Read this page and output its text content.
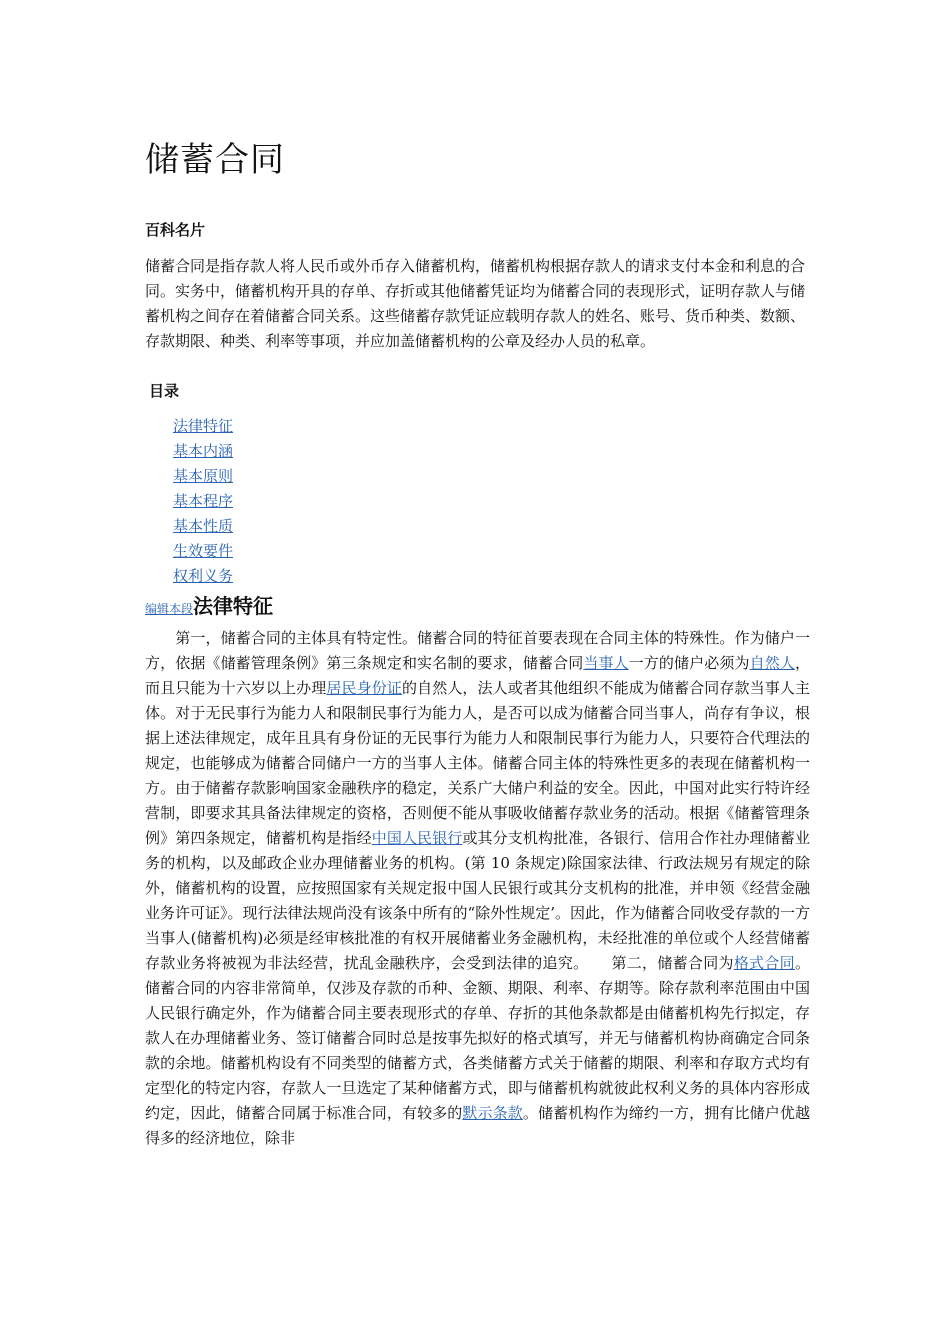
储蓄合同
百科名片

储蓄合同是指存款人将人民币或外币存入储蓄机构，储蓄机构根据存款人的请求支付本金和利息的合同。实务中，储蓄机构开具的存单、存折或其他储蓄凭证均为储蓄合同的表现形式，证明存款人与储蓄机构之间存在着储蓄合同关系。这些储蓄存款凭证应载明存款人的姓名、账号、货币种类、数额、存款期限、种类、利率等事项，并应加盖储蓄机构的公章及经办人员的私章。

目录
法律特征
基本内涵
基本原则
基本程序
基本性质
生效要件
权利义务
编辑本段法律特征

　　第一，储蓄合同的主体具有特定性。储蓄合同的特征首要表现在合同主体的特殊性。作为储户一方，依据《储蓄管理条例》第三条规定和实名制的要求，储蓄合同当事人一方的储户必须为自然人，而且只能为十六岁以上办理居民身份证的自然人，法人或者其他组织不能成为储蓄合同存款当事人主体。对于无民事行为能力人和限制民事行为能力人，是否可以成为储蓄合同当事人，尚存有争议，根据上述法律规定，成年且具有身份证的无民事行为能力人和限制民事行为能力人，只要符合代理法的规定，也能够成为储蓄合同储户一方的当事人主体。储蓄合同主体的特殊性更多的表现在储蓄机构一方。由于储蓄存款影响国家金融秩序的稳定，关系广大储户利益的安全。因此，中国对此实行特许经营制，即要求其具备法律规定的资格，否则便不能从事吸收储蓄存款业务的活动。根据《储蓄管理条例》第四条规定，储蓄机构是指经中国人民银行或其分支机构批准，各银行、信用合作社办理储蓄业务的机构，以及邮政企业办理储蓄业务的机构。(第 10 条规定)除国家法律、行政法规另有规定的除外，储蓄机构的设置，应按照国家有关规定报中国人民银行或其分支机构的批准，并申领《经营金融业务许可证》。现行法律法规尚没有该条中所有的“除外性规定’。因此，作为储蓄合同收受存款的一方当事人(储蓄机构)必须是经审核批准的有权开展储蓄业务金融机构，未经批准的单位或个人经营储蓄存款业务将被视为非法经营，扰乱金融秩序，会受到法律的追究。　　第二，储蓄合同为格式合同。储蓄合同的内容非常简单，仅涉及存款的币种、金额、期限、利率、存期等。除存款利率范围由中国人民银行确定外，作为储蓄合同主要表现形式的存单、存折的其他条款都是由储蓄机构先行拟定，存款人在办理储蓄业务、签订储蓄合同时总是按事先拟好的格式填写，并无与储蓄机构协商确定合同条款的余地。储蓄机构设有不同类型的储蓄方式，各类储蓄方式关于储蓄的期限、利率和存取方式均有定型化的特定内容，存款人一旦选定了某种储蓄方式，即与储蓄机构就彼此权利义务的具体内容形成约定，因此，储蓄合同属于标准合同，有较多的默示条款。储蓄机构作为缔约一方，拥有比储户优越得多的经济地位，除非
